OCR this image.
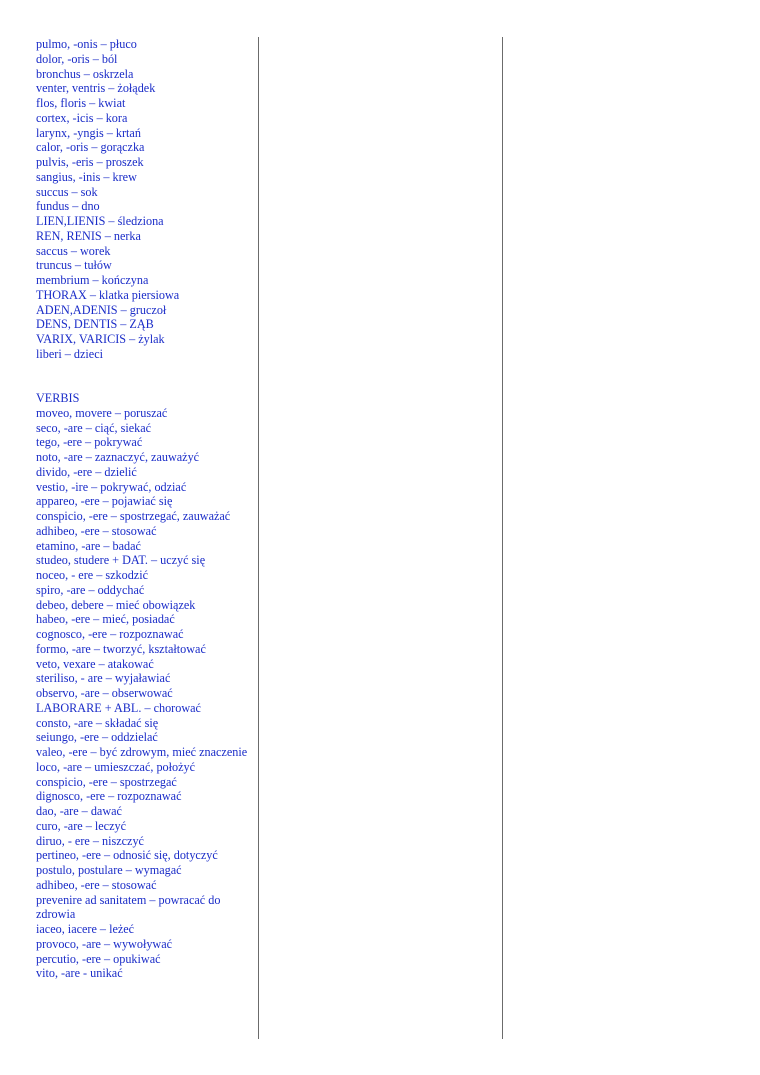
pulmo, -onis – płuco
dolor, -oris – ból
bronchus – oskrzela
venter, ventris – żołądek
flos, floris – kwiat
cortex, -icis – kora
larynx, -yngis – krtań
calor, -oris – gorączka
pulvis, -eris – proszek
sangius, -inis – krew
succus – sok
fundus – dno
LIEN,LIENIS – śledziona
REN, RENIS – nerka
saccus – worek
truncus – tułów
membrium – kończyna
THORAX – klatka piersiowa
ADEN,ADENIS – gruczoł
DENS, DENTIS – ZĄB
VARIX, VARICIS – żylak
liberi – dzieci
VERBIS
moveo, movere – poruszać
seco, -are – ciąć, siekać
tego, -ere – pokrywać
noto, -are – zaznaczyć, zauważyć
divido, -ere – dzielić
vestio, -ire – pokrywać, odziać
appareo, -ere – pojawiać się
conspicio, -ere – spostrzegać, zauważać
adhibeo, -ere – stosować
etamino, -are – badać
studeo, studere + DAT. – uczyć się
noceo, - ere – szkodzić
spiro, -are – oddychać
debeo, debere – mieć obowiązek
habeo, -ere – mieć, posiadać
cognosco, -ere – rozpoznawać
formo, -are – tworzyć, kształtować
veto, vexare – atakować
steriliso, - are – wyjaławiać
observo, -are – obserwować
LABORARE + ABL. – chorować
consto, -are – składać się
seiungo, -ere – oddzielać
valeo, -ere – być zdrowym, mieć znaczenie
loco, -are – umieszczać, położyć
conspicio, -ere – spostrzegać
dignosco, -ere – rozpoznawać
dao, -are – dawać
curo, -are – leczyć
diruo, - ere – niszczyć
pertineo, -ere – odnosić się, dotyczyć
postulo, postulare – wymagać
adhibeo, -ere – stosować
prevenire ad sanitatem – powracać do zdrowia
iaceo, iacere – leżeć
provoco, -are – wywoływać
percutio, -ere – opukiwać
vito, -are - unikać
